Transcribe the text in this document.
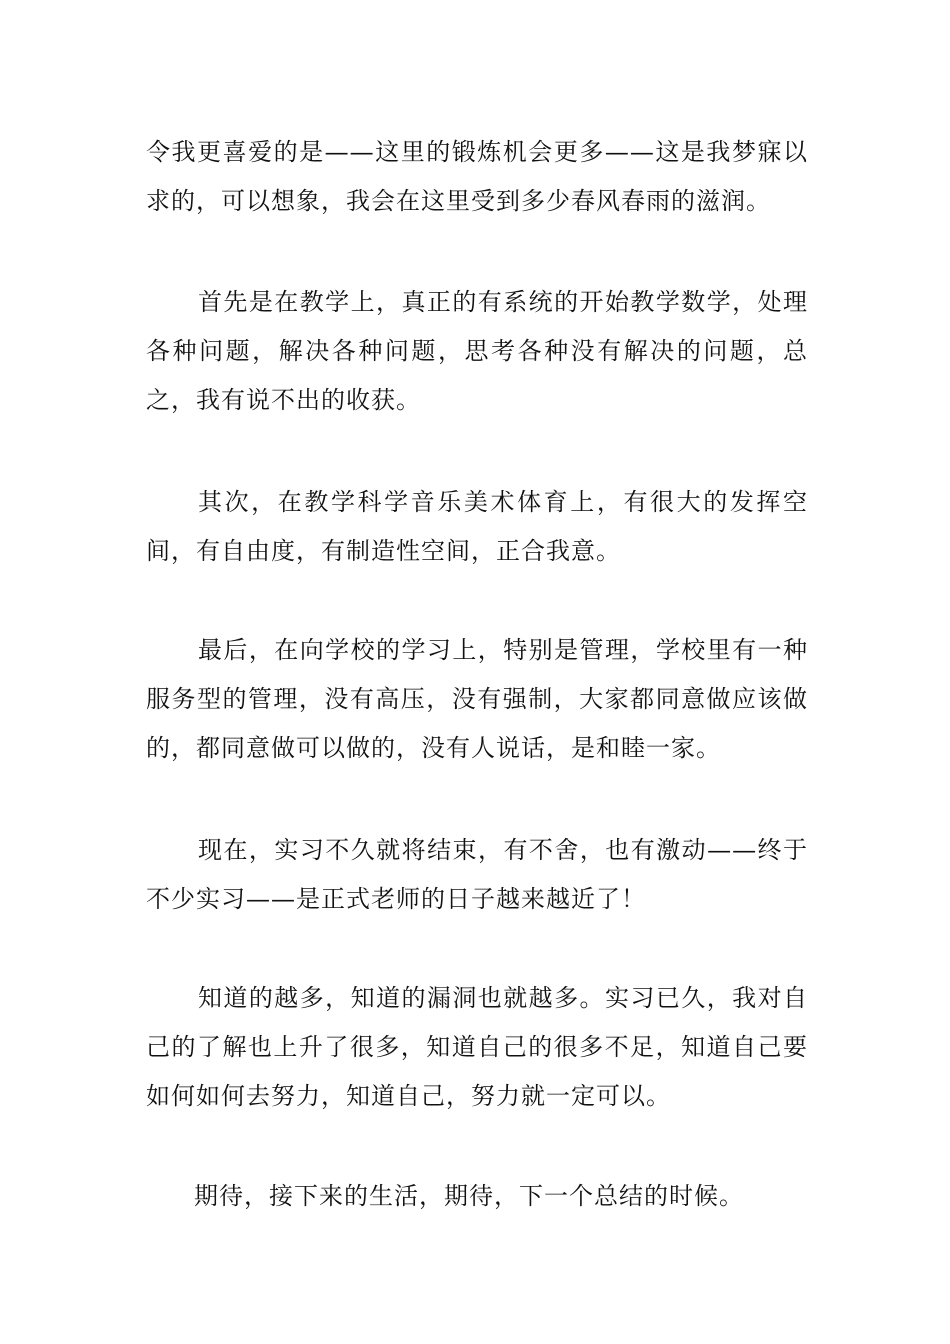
令我更喜爱的是——这里的锻炼机会更多——这是我梦寐以求的，可以想象，我会在这里受到多少春风春雨的滋润。

首先是在教学上，真正的有系统的开始教学数学，处理各种问题，解决各种问题，思考各种没有解决的问题，总之，我有说不出的收获。

其次，在教学科学音乐美术体育上，有很大的发挥空间，有自由度，有制造性空间，正合我意。

最后，在向学校的学习上，特别是管理，学校里有一种服务型的管理，没有高压，没有强制，大家都同意做应该做的，都同意做可以做的，没有人说话，是和睦一家。

现在，实习不久就将结束，有不舍，也有激动——终于不少实习——是正式老师的日子越来越近了！

知道的越多，知道的漏洞也就越多。实习已久，我对自己的了解也上升了很多，知道自己的很多不足，知道自己要如何如何去努力，知道自己，努力就一定可以。

期待，接下来的生活，期待，下一个总结的时候。
